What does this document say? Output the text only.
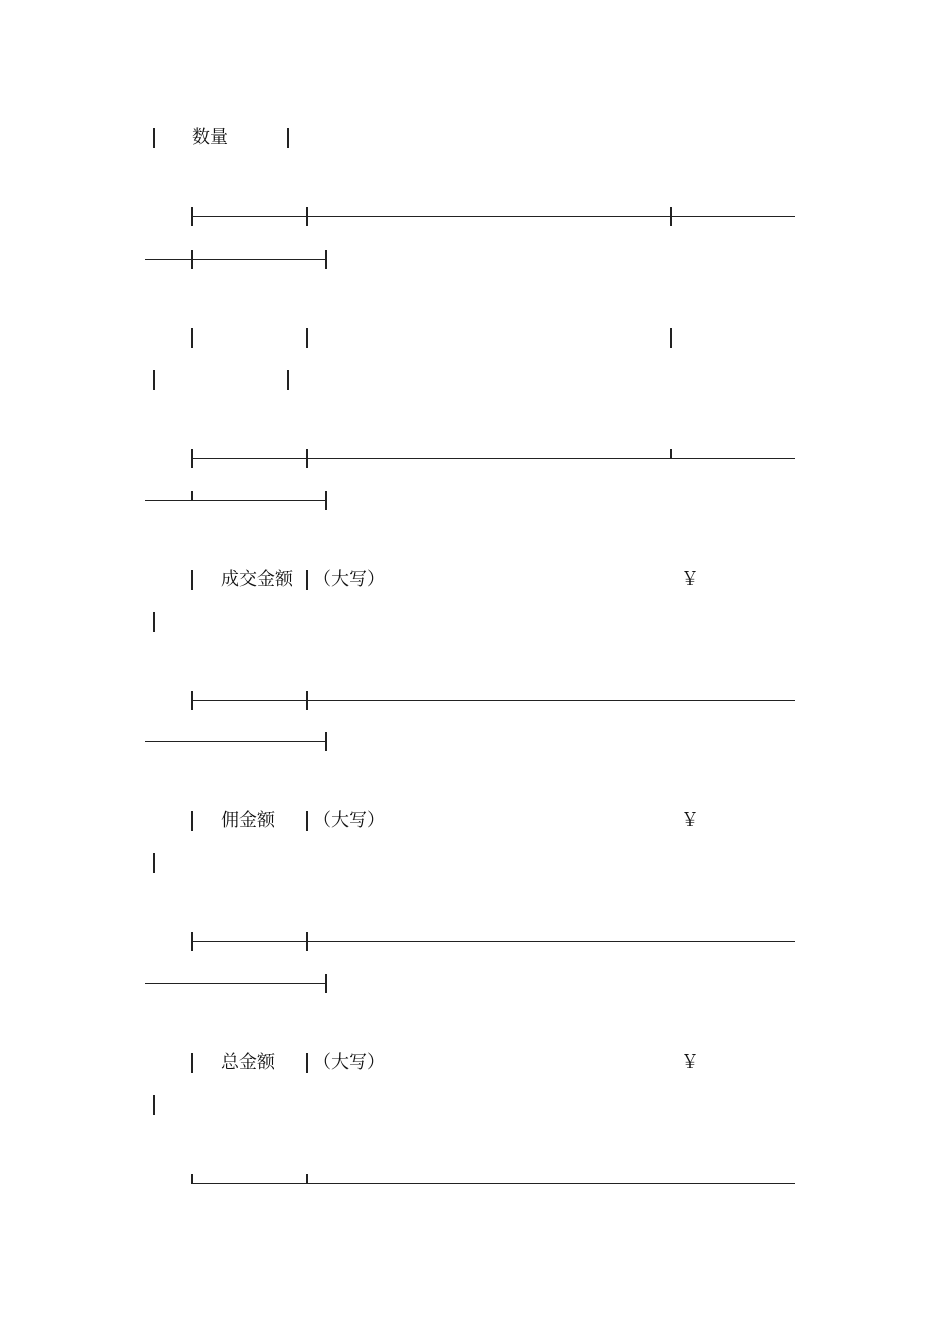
数量
成交金额 （大写）	￥
佣金额 （大写）	￥
总金额 （大写）	￥
